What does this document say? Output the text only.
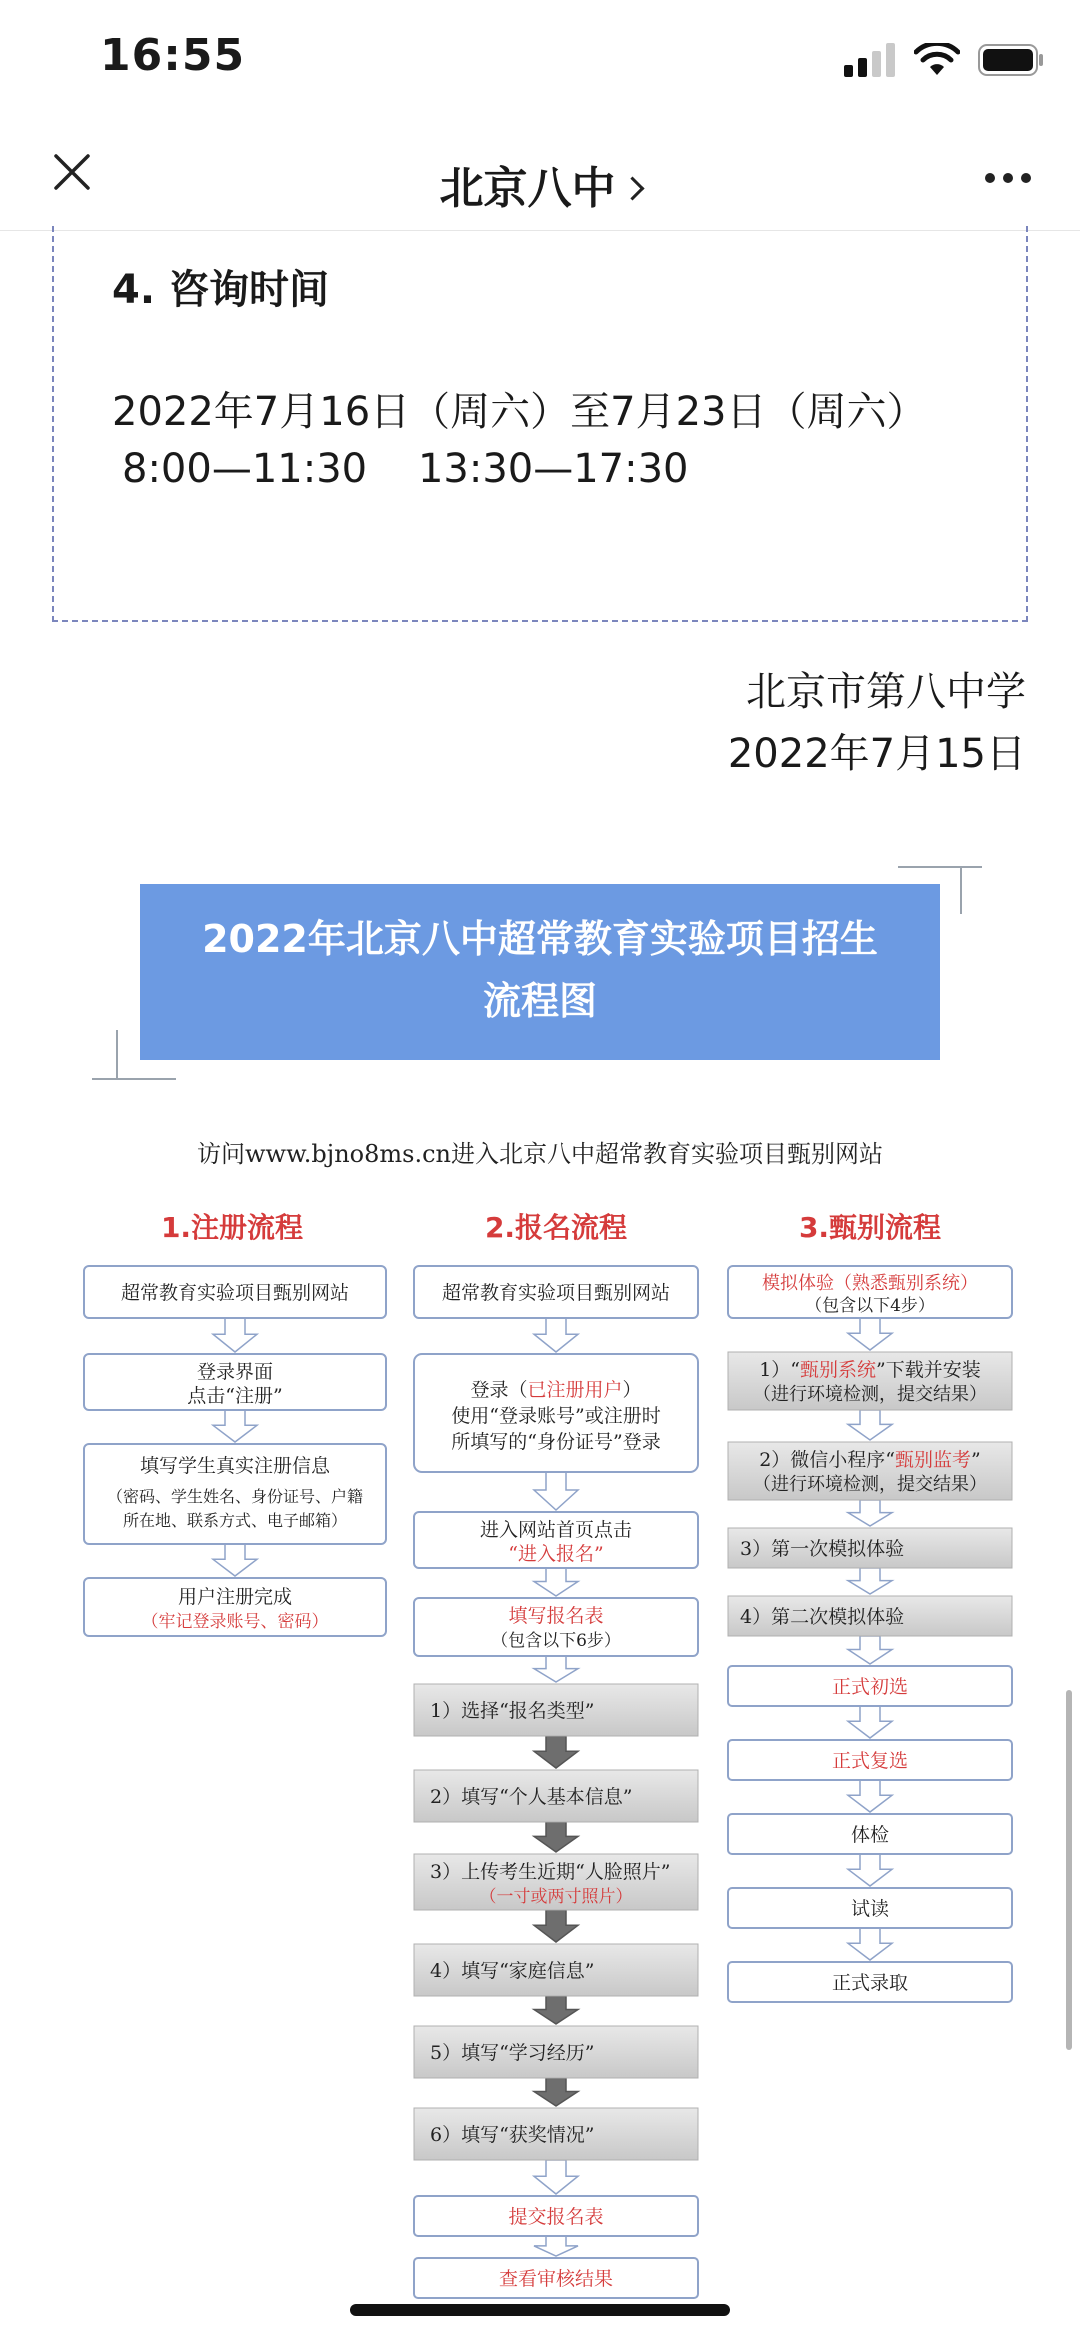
16:55
北京八中
4. 咨询时间
2022年7月16日（周六）至7月23日（周六）
8:00—11:30    13:30—17:30
北京市第八中学
2022年7月15日
2022年北京八中超常教育实验项目招生
流程图
访问www.bjno8ms.cn进入北京八中超常教育实验项目甄别网站
1.注册流程	2.报名流程	3.甄别流程
超常教育实验项目甄别网站
登录界面
点击“注册”
填写学生真实注册信息
（密码、学生姓名、身份证号、户籍
所在地、联系方式、电子邮箱）
用户注册完成
（牢记登录账号、密码）
超常教育实验项目甄别网站
登录（已注册用户）
使用“登录账号”或注册时
所填写的“身份证号”登录
进入网站首页点击
“进入报名”
填写报名表
（包含以下6步）
1）选择“报名类型”
2）填写“个人基本信息”
3）上传考生近期“人脸照片”
（一寸或两寸照片）
4）填写“家庭信息”
5）填写“学习经历”
6）填写“获奖情况”
提交报名表
查看审核结果
模拟体验（熟悉甄别系统）
（包含以下4步）
1）“甄别系统”下载并安装
（进行环境检测，提交结果）
2）微信小程序“甄别监考”
（进行环境检测，提交结果）
3）第一次模拟体验
4）第二次模拟体验
正式初选
正式复选
体检
试读
正式录取
